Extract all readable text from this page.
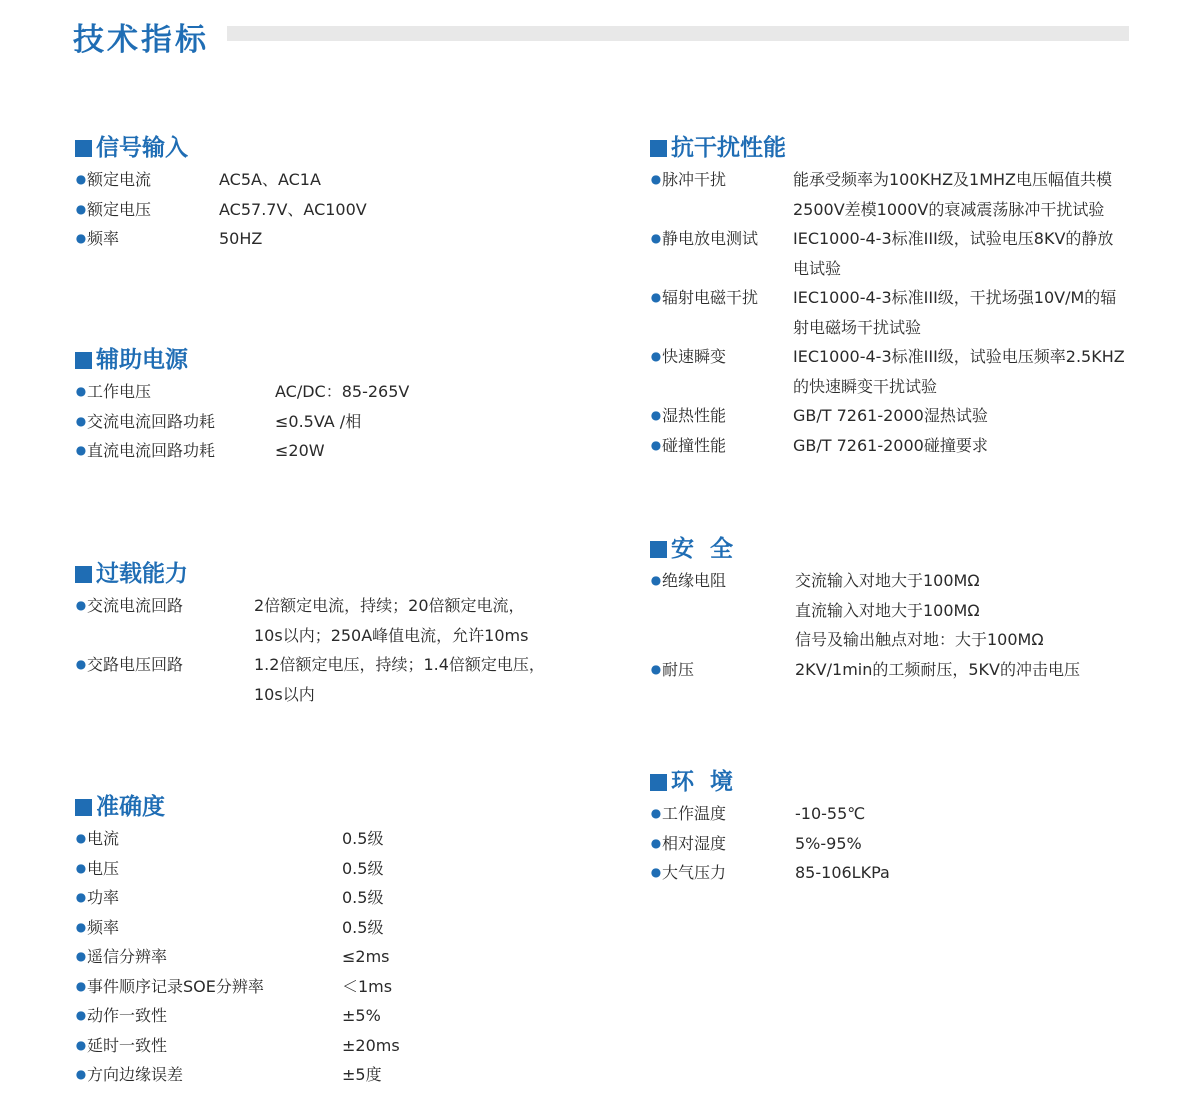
技术指标
信号输入
● 额定电流	AC5A、AC1A
● 额定电压	AC57.7V、AC100V
● 频率	50HZ
辅助电源
● 工作电压	AC/DC：85-265V
● 交流电流回路功耗	≤0.5VA /相
● 直流电流回路功耗	≤20W
过载能力
● 交流电流回路	2倍额定电流，持续；20倍额定电流，
10s以内；250A峰值电流，允许10ms
● 交路电压回路	1.2倍额定电压，持续；1.4倍额定电压，
10s以内
准确度
● 电流	0.5级
● 电压	0.5级
● 功率	0.5级
● 频率	0.5级
● 遥信分辨率	≤2ms
● 事件顺序记录SOE分辨率	＜1ms
● 动作一致性	±5%
● 延时一致性	±20ms
● 方向边缘误差	±5度
抗干扰性能
● 脉冲干扰	能承受频率为100KHZ及1MHZ电压幅值共模
2500V差模1000V的衰减震荡脉冲干扰试验
● 静电放电测试	IEC1000-4-3标准III级，试验电压8KV的静放
电试验
● 辐射电磁干扰	IEC1000-4-3标准III级，干扰场强10V/M的辐
射电磁场干扰试验
● 快速瞬变	IEC1000-4-3标准III级，试验电压频率2.5KHZ
的快速瞬变干扰试验
● 湿热性能	GB/T 7261-2000湿热试验
● 碰撞性能	GB/T 7261-2000碰撞要求
安  全
● 绝缘电阻	交流输入对地大于100MΩ
直流输入对地大于100MΩ
信号及输出触点对地：大于100MΩ
● 耐压	2KV/1min的工频耐压，5KV的冲击电压
环  境
● 工作温度	-10-55℃
● 相对湿度	5%-95%
● 大气压力	85-106LKPa
